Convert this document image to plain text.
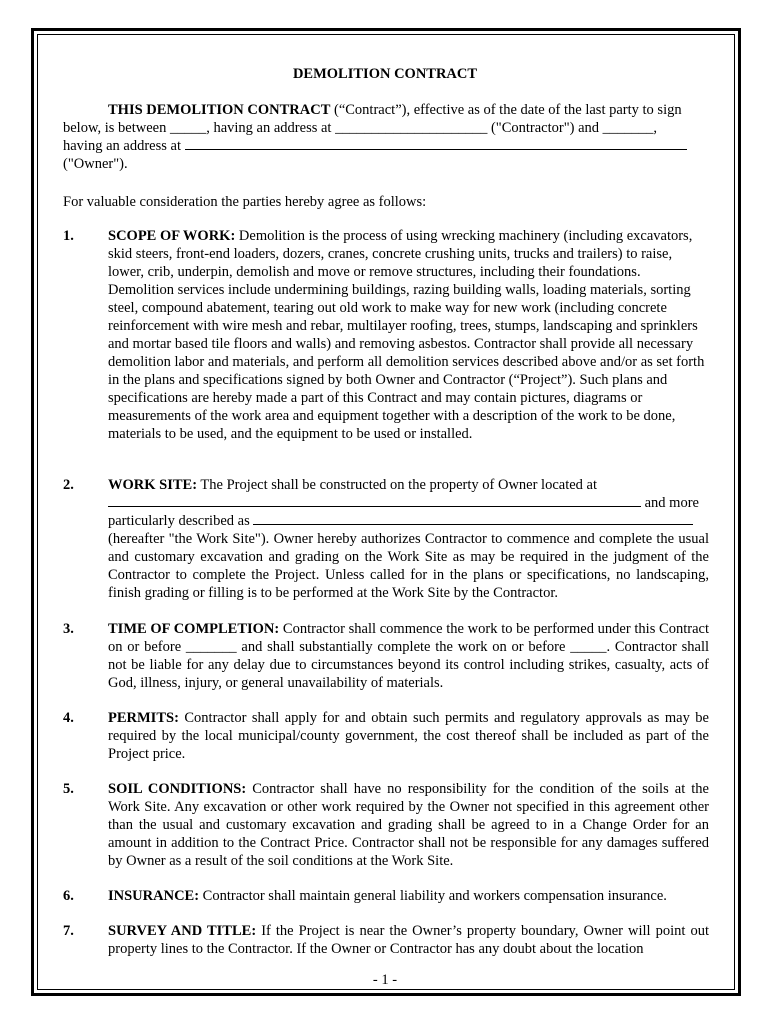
DEMOLITION CONTRACT
THIS DEMOLITION CONTRACT (“Contract”), effective as of the date of the last party to sign
below, is between _____, having an address at _____________________ ("Contractor") and _______,
having an address at
("Owner").
For valuable consideration the parties hereby agree as follows:
1. SCOPE OF WORK: Demolition is the process of using wrecking machinery (including excavators, skid steers, front-end loaders, dozers, cranes, concrete crushing units, trucks and trailers) to raise, lower, crib, underpin, demolish and move or remove structures, including their foundations. Demolition services include undermining buildings, razing building walls, loading materials, sorting steel, compound abatement, tearing out old work to make way for new work (including concrete reinforcement with wire mesh and rebar, multilayer roofing, trees, stumps, landscaping and sprinklers and mortar based tile floors and walls) and removing asbestos. Contractor shall provide all necessary demolition labor and materials, and perform all demolition services described above and/or as set forth in the plans and specifications signed by both Owner and Contractor (“Project”). Such plans and specifications are hereby made a part of this Contract and may contain pictures, diagrams or measurements of the work area and equipment together with a description of the work to be done, materials to be used, and the equipment to be used or installed.
2. WORK SITE: The Project shall be constructed on the property of Owner located at
and more
particularly described as
(hereafter "the Work Site"). Owner hereby authorizes Contractor to commence and complete the usual and customary excavation and grading on the Work Site as may be required in the judgment of the Contractor to complete the Project. Unless called for in the plans or specifications, no landscaping, finish grading or filling is to be performed at the Work Site by the Contractor.
3. TIME OF COMPLETION: Contractor shall commence the work to be performed under this Contract on or before _______ and shall substantially complete the work on or before _____. Contractor shall not be liable for any delay due to circumstances beyond its control including strikes, casualty, acts of God, illness, injury, or general unavailability of materials.
4. PERMITS: Contractor shall apply for and obtain such permits and regulatory approvals as may be required by the local municipal/county government, the cost thereof shall be included as part of the Project price.
5. SOIL CONDITIONS: Contractor shall have no responsibility for the condition of the soils at the Work Site. Any excavation or other work required by the Owner not specified in this agreement other than the usual and customary excavation and grading shall be agreed to in a Change Order for an amount in addition to the Contract Price. Contractor shall not be responsible for any damages suffered by Owner as a result of the soil conditions at the Work Site.
6. INSURANCE: Contractor shall maintain general liability and workers compensation insurance.
7. SURVEY AND TITLE: If the Project is near the Owner’s property boundary, Owner will point out property lines to the Contractor. If the Owner or Contractor has any doubt about the location
- 1 -
